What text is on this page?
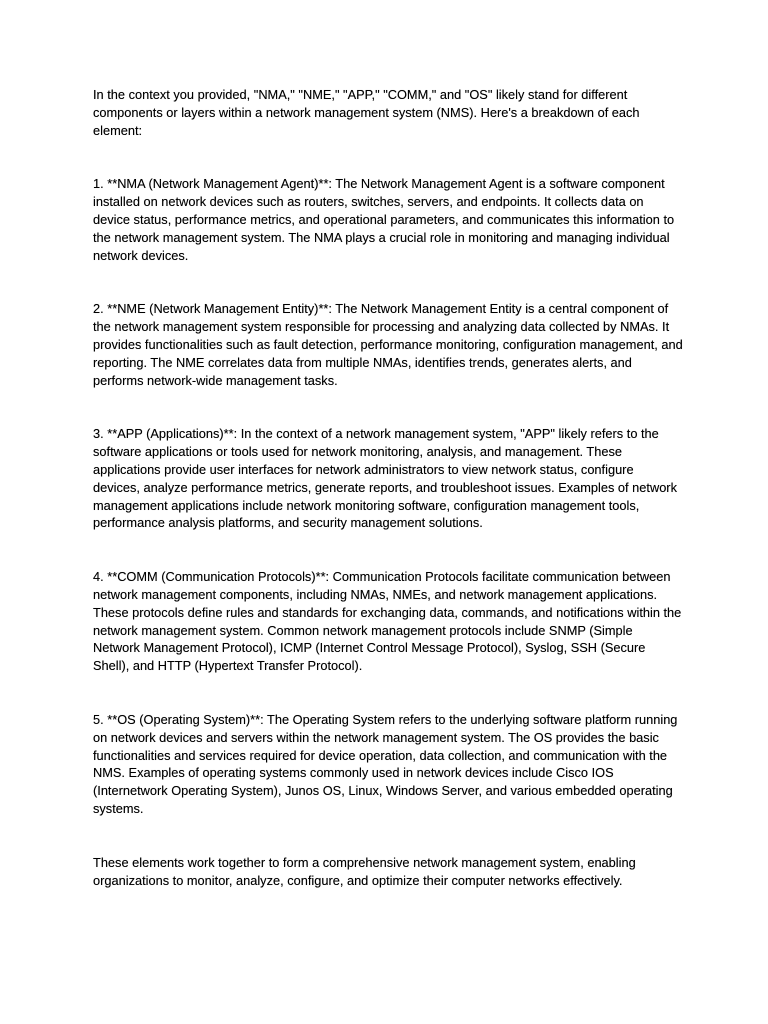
In the context you provided, "NMA," "NME," "APP," "COMM," and "OS" likely stand for different components or layers within a network management system (NMS). Here's a breakdown of each element:

1. **NMA (Network Management Agent)**: The Network Management Agent is a software component installed on network devices such as routers, switches, servers, and endpoints. It collects data on device status, performance metrics, and operational parameters, and communicates this information to the network management system. The NMA plays a crucial role in monitoring and managing individual network devices.

2. **NME (Network Management Entity)**: The Network Management Entity is a central component of the network management system responsible for processing and analyzing data collected by NMAs. It provides functionalities such as fault detection, performance monitoring, configuration management, and reporting. The NME correlates data from multiple NMAs, identifies trends, generates alerts, and performs network-wide management tasks.

3. **APP (Applications)**: In the context of a network management system, "APP" likely refers to the software applications or tools used for network monitoring, analysis, and management. These applications provide user interfaces for network administrators to view network status, configure devices, analyze performance metrics, generate reports, and troubleshoot issues. Examples of network management applications include network monitoring software, configuration management tools, performance analysis platforms, and security management solutions.

4. **COMM (Communication Protocols)**: Communication Protocols facilitate communication between network management components, including NMAs, NMEs, and network management applications. These protocols define rules and standards for exchanging data, commands, and notifications within the network management system. Common network management protocols include SNMP (Simple Network Management Protocol), ICMP (Internet Control Message Protocol), Syslog, SSH (Secure Shell), and HTTP (Hypertext Transfer Protocol).

5. **OS (Operating System)**: The Operating System refers to the underlying software platform running on network devices and servers within the network management system. The OS provides the basic functionalities and services required for device operation, data collection, and communication with the NMS. Examples of operating systems commonly used in network devices include Cisco IOS (Internetwork Operating System), Junos OS, Linux, Windows Server, and various embedded operating systems.

These elements work together to form a comprehensive network management system, enabling organizations to monitor, analyze, configure, and optimize their computer networks effectively.
